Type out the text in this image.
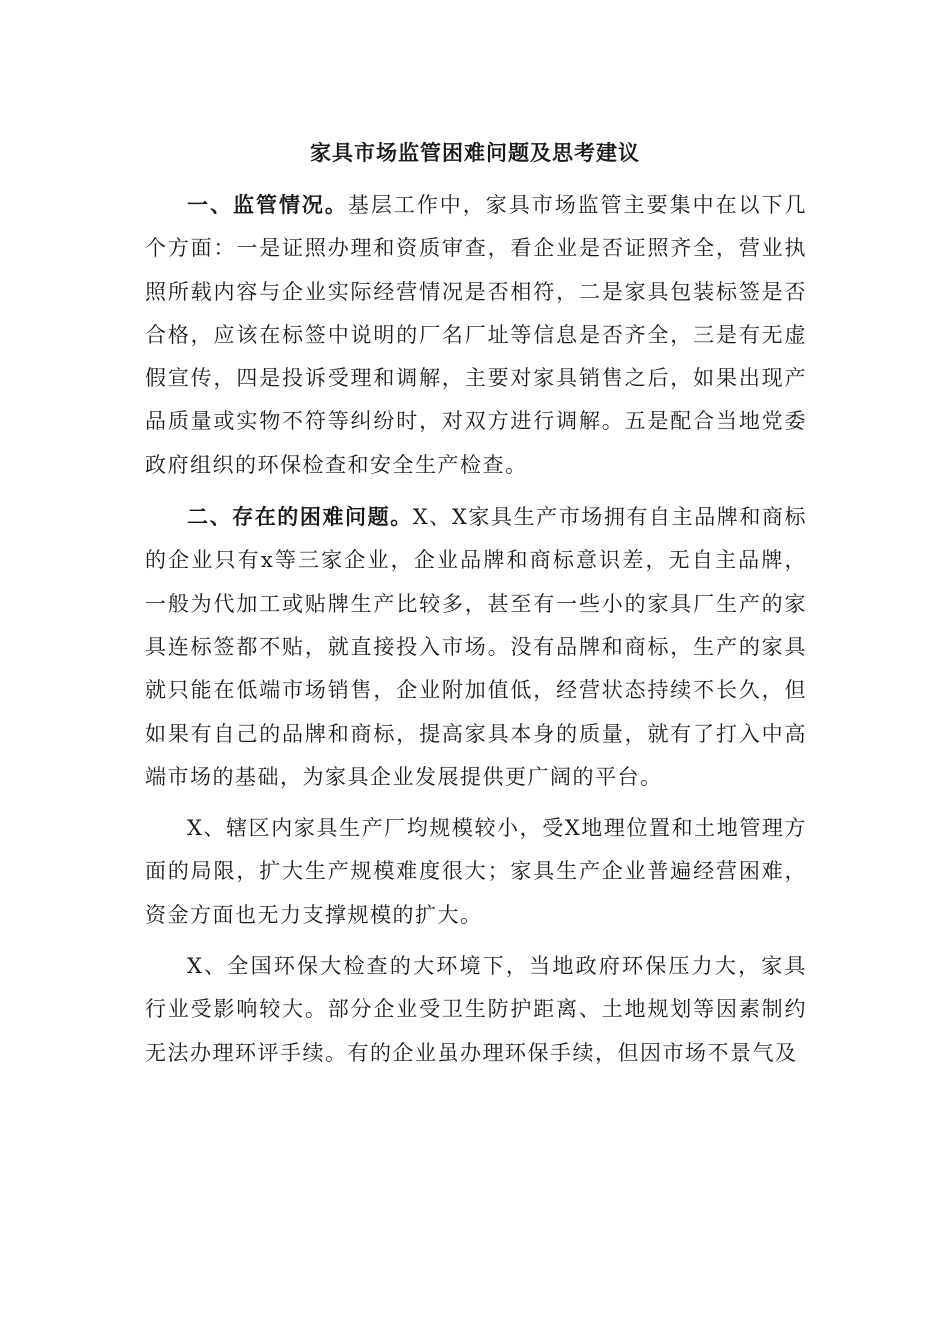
家具市场监管困难问题及思考建议

一、监管情况。基层工作中，家具市场监管主要集中在以下几个方面：一是证照办理和资质审查，看企业是否证照齐全，营业执照所载内容与企业实际经营情况是否相符，二是家具包装标签是否合格，应该在标签中说明的厂名厂址等信息是否齐全，三是有无虚假宣传，四是投诉受理和调解，主要对家具销售之后，如果出现产品质量或实物不符等纠纷时，对双方进行调解。五是配合当地党委政府组织的环保检查和安全生产检查。

二、存在的困难问题。X、X家具生产市场拥有自主品牌和商标的企业只有x等三家企业，企业品牌和商标意识差，无自主品牌，一般为代加工或贴牌生产比较多，甚至有一些小的家具厂生产的家具连标签都不贴，就直接投入市场。没有品牌和商标，生产的家具就只能在低端市场销售，企业附加值低，经营状态持续不长久，但如果有自己的品牌和商标，提高家具本身的质量，就有了打入中高端市场的基础，为家具企业发展提供更广阔的平台。

X、辖区内家具生产厂均规模较小，受X地理位置和土地管理方面的局限，扩大生产规模难度很大；家具生产企业普遍经营困难，资金方面也无力支撑规模的扩大。

X、全国环保大检查的大环境下，当地政府环保压力大，家具行业受影响较大。部分企业受卫生防护距离、土地规划等因素制约无法办理环评手续。有的企业虽办理环保手续，但因市场不景气及
